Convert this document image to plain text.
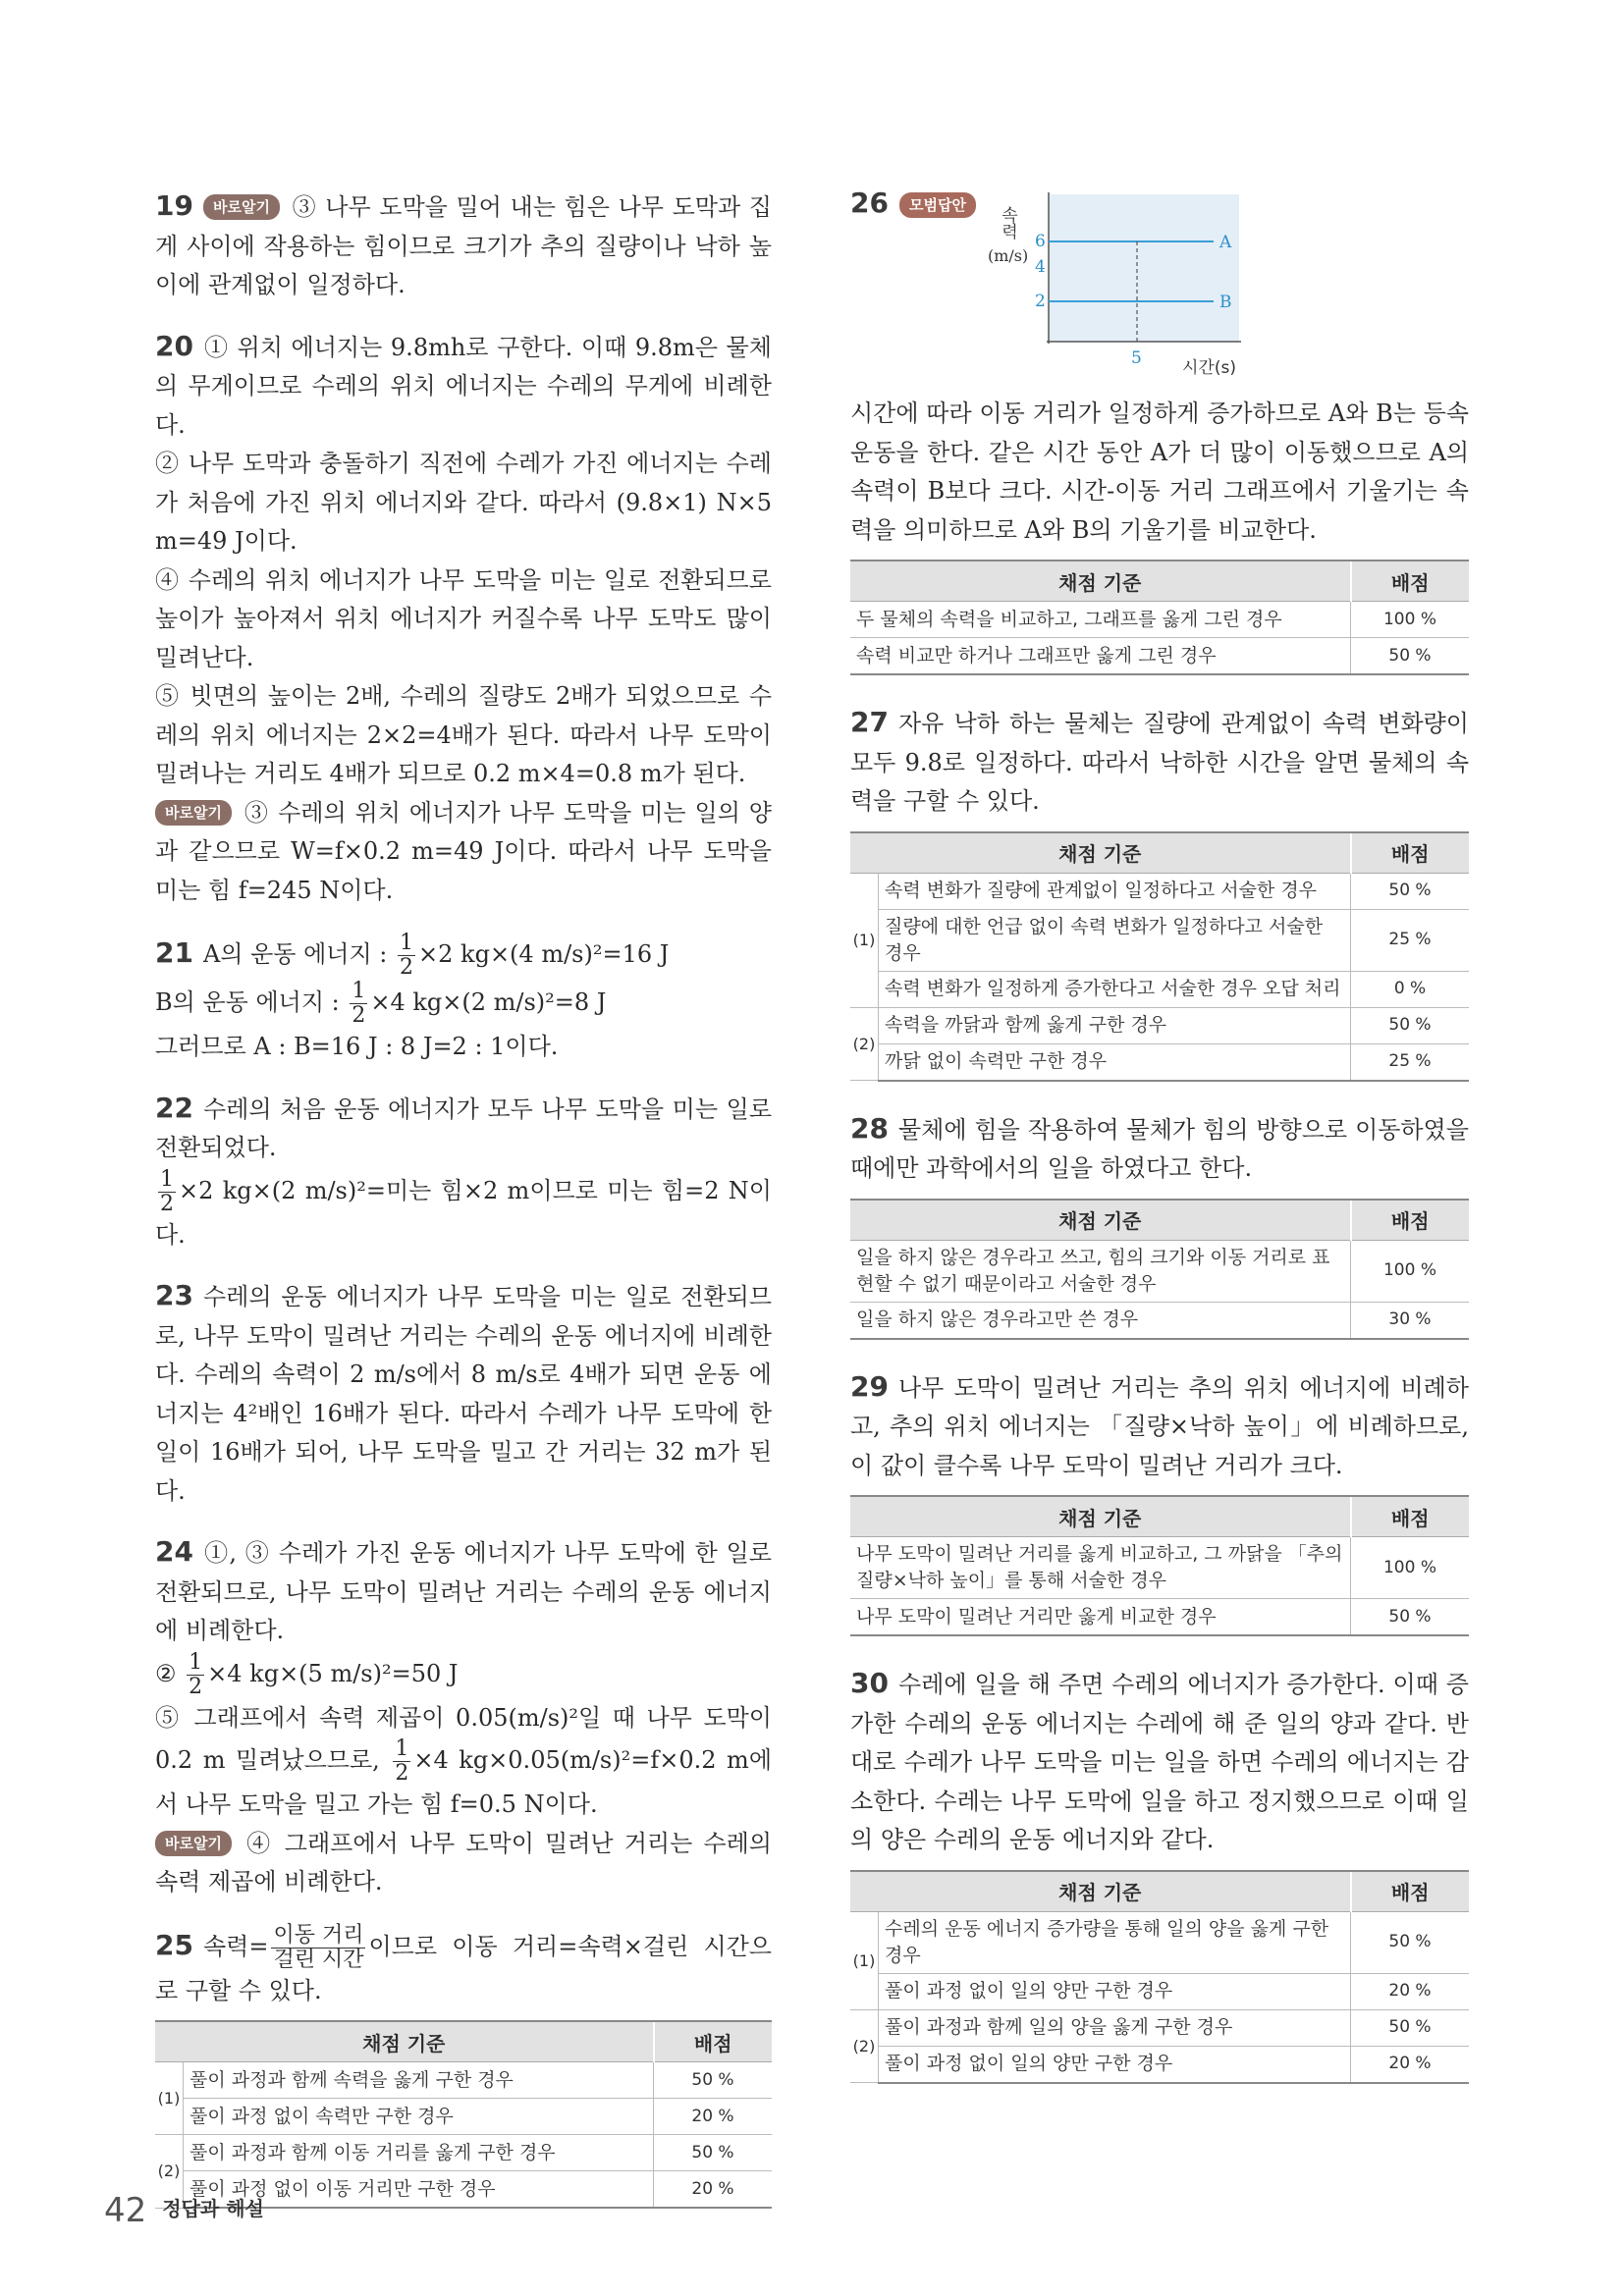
19 바로알기 ③ 나무 도막을 밀어 내는 힘은 나무 도막과 집게 사이에 작용하는 힘이므로 크기가 추의 질량이나 낙하 높이에 관계없이 일정하다.

20 ① 위치 에너지는 9.8mh로 구한다. 이때 9.8m은 물체의 무게이므로 수레의 위치 에너지는 수레의 무게에 비례한다.

② 나무 도막과 충돌하기 직전에 수레가 가진 에너지는 수레가 처음에 가진 위치 에너지와 같다. 따라서 (9.8×1) N×5 m=49 J이다.

④ 수레의 위치 에너지가 나무 도막을 미는 일로 전환되므로 높이가 높아져서 위치 에너지가 커질수록 나무 도막도 많이 밀려난다.

⑤ 빗면의 높이는 2배, 수레의 질량도 2배가 되었으므로 수레의 위치 에너지는 2×2=4배가 된다. 따라서 나무 도막이 밀려나는 거리도 4배가 되므로 0.2 m×4=0.8 m가 된다.

바로알기 ③ 수레의 위치 에너지가 나무 도막을 미는 일의 양과 같으므로 W=f×0.2 m=49 J이다. 따라서 나무 도막을 미는 힘 f=245 N이다.

21 A의 운동 에너지 : $\frac{1}{2} \times 2$ kg×(4 m/s)²=16 J

B의 운동 에너지 : $\frac{1}{2} \times 4$ kg×(2 m/s)²=8 J

그러므로 A : B=16 J : 8 J=2 : 1이다.

22 수레의 처음 운동 에너지가 모두 나무 도막을 미는 일로 전환되었다.

$\frac{1}{2} \times 2$ kg×(2 m/s)²=미는 힘×2 m이므로 미는 힘=2 N이다.

23 수레의 운동 에너지가 나무 도막을 미는 일로 전환되므로, 나무 도막이 밀려난 거리는 수레의 운동 에너지에 비례한다. 수레의 속력이 2 m/s에서 8 m/s로 4배가 되면 운동 에너지는 4²배인 16배가 된다. 따라서 수레가 나무 도막에 한 일이 16배가 되어, 나무 도막을 밀고 간 거리는 32 m가 된다.

24 ①, ③ 수레가 가진 운동 에너지가 나무 도막에 한 일로 전환되므로, 나무 도막이 밀려난 거리는 수레의 운동 에너지에 비례한다.

② $\frac{1}{2} \times 4$ kg×(5 m/s)²=50 J

⑤ 그래프에서 속력 제곱이 0.05(m/s)²일 때 나무 도막이 0.2 m 밀려났으므로, $\frac{1}{2} \times 4$ kg×0.05(m/s)²=f×0.2 m에서 나무 도막을 밀고 가는 힘 f=0.5 N이다.

바로알기 ④ 그래프에서 나무 도막이 밀려난 거리는 수레의 속력 제곱에 비례한다.

25 속력= $\frac{\text{이동 거리}}{\text{걸린 시간}}$ 이므로 이동 거리=속력×걸린 시간으로 구할 수 있다.

채점 기준		배점
(1)	풀이 과정과 함께 속력을 옳게 구한 경우	50 %
	풀이 과정 없이 속력만 구한 경우	20 %
(2)	풀이 과정과 함께 이동 거리를 옳게 구한 경우	50 %
	풀이 과정 없이 이동 거리만 구한 경우	20 %
26	모범답안
속력
(m/s)
6
4
2
A
B
5 시간(s)

시간에 따라 이동 거리가 일정하게 증가하므로 A와 B는 등속 운동을 한다. 같은 시간 동안 A가 더 많이 이동했으므로 A의 속력이 B보다 크다. 시간-이동 거리 그래프에서 기울기는 속력을 의미하므로 A와 B의 기울기를 비교한다.

채점 기준	배점
두 물체의 속력을 비교하고, 그래프를 옳게 그린 경우	100 %
속력 비교만 하거나 그래프만 옳게 그린 경우	50 %

27 자유 낙하 하는 물체는 질량에 관계없이 속력 변화량이 모두 9.8로 일정하다. 따라서 낙하한 시간을 알면 물체의 속력을 구할 수 있다.

채점 기준		배점
(1)	속력 변화가 질량에 관계없이 일정하다고 서술한 경우	50 %
	질량에 대한 언급 없이 속력 변화가 일정하다고 서술한 경우	25 %
	속력 변화가 일정하게 증가한다고 서술한 경우 오답 처리	0 %
(2)	속력을 까닭과 함께 옳게 구한 경우	50 %
	까닭 없이 속력만 구한 경우	25 %

28 물체에 힘을 작용하여 물체가 힘의 방향으로 이동하였을 때에만 과학에서의 일을 하였다고 한다.

채점 기준	배점
일을 하지 않은 경우라고 쓰고, 힘의 크기와 이동 거리로 표현할 수 없기 때문이라고 서술한 경우	100 %
일을 하지 않은 경우라고만 쓴 경우	30 %

29 나무 도막이 밀려난 거리는 추의 위치 에너지에 비례하고, 추의 위치 에너지는 「질량×낙하 높이」에 비례하므로, 이 값이 클수록 나무 도막이 밀려난 거리가 크다.

채점 기준	배점
나무 도막이 밀려난 거리를 옳게 비교하고, 그 까닭을 「추의 질량×낙하 높이」를 통해 서술한 경우	100 %
나무 도막이 밀려난 거리만 옳게 비교한 경우	50 %

30 수레에 일을 해 주면 수레의 에너지가 증가한다. 이때 증가한 수레의 운동 에너지는 수레에 해 준 일의 양과 같다. 반대로 수레가 나무 도막을 미는 일을 하면 수레의 에너지는 감소한다. 수레는 나무 도막에 일을 하고 정지했으므로 이때 일의 양은 수레의 운동 에너지와 같다.

채점 기준		배점
(1)	수레의 운동 에너지 증가량을 통해 일의 양을 옳게 구한 경우	50 %
	풀이 과정 없이 일의 양만 구한 경우	20 %
(2)	풀이 과정과 함께 일의 양을 옳게 구한 경우	50 %
	풀이 과정 없이 일의 양만 구한 경우	20 %
42 정답과 해설
